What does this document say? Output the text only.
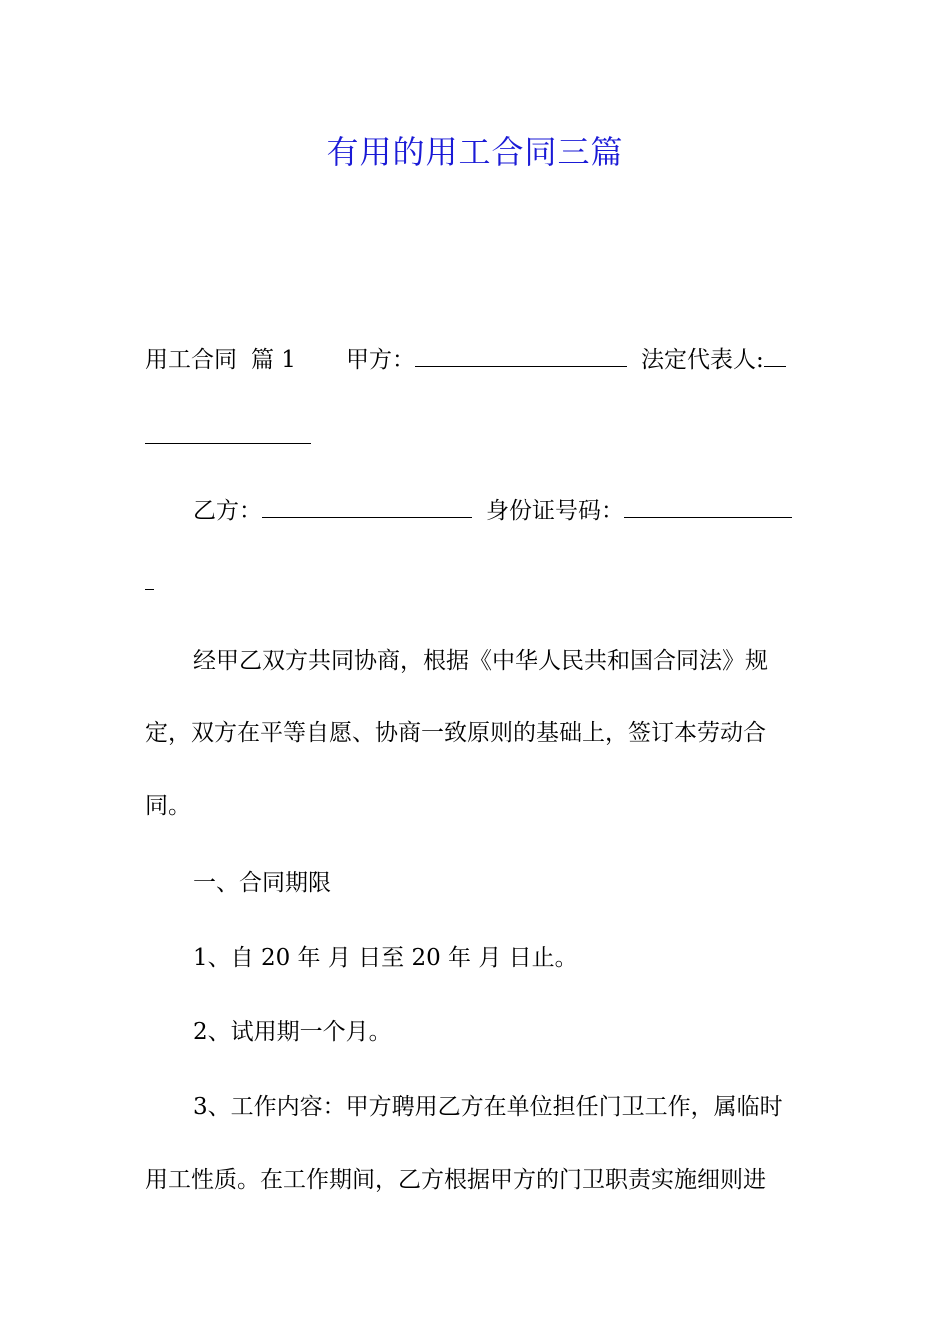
有用的用工合同三篇
用工合同 篇 1 甲方：	法定代表人:
乙方：	身份证号码：
经甲乙双方共同协商，根据《中华人民共和国合同法》规
定，双方在平等自愿、协商一致原则的基础上，签订本劳动合
同。
一、合同期限
1、自 20 年 月 日至 20 年 月 日止。
2、试用期一个月。
3、工作内容：甲方聘用乙方在单位担任门卫工作，属临时
用工性质。在工作期间，乙方根据甲方的门卫职责实施细则进
